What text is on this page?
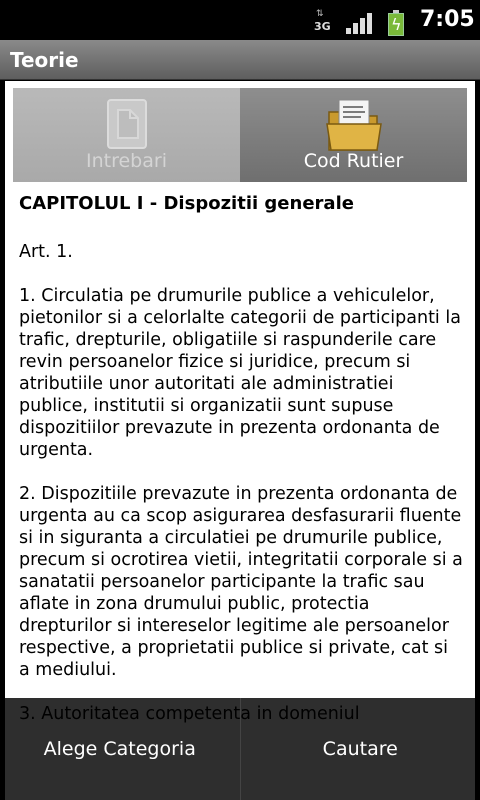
⇅
3G	ϟ 7:05
Teorie
Intrebari	Cod Rutier

CAPITOLUL I - Dispozitii generale

Art. 1.

1. Circulatia pe drumurile publice a vehiculelor, pietonilor si a celorlalte categorii de participanti la trafic, drepturile, obligatiile si raspunderile care revin persoanelor fizice si juridice, precum si atributiile unor autoritati ale administratiei publice, institutii si organizatii sunt supuse dispozitiilor prevazute in prezenta ordonanta de urgenta.

2. Dispozitiile prevazute in prezenta ordonanta de urgenta au ca scop asigurarea desfasurarii fluente si in siguranta a circulatiei pe drumurile publice, precum si ocrotirea vietii, integritatii corporale si a sanatatii persoanelor participante la trafic sau aflate in zona drumului public, protectia drepturilor si intereselor legitime ale persoanelor respective, a proprietatii publice si private, cat si a mediului.

Alege Categoria	Cautare
